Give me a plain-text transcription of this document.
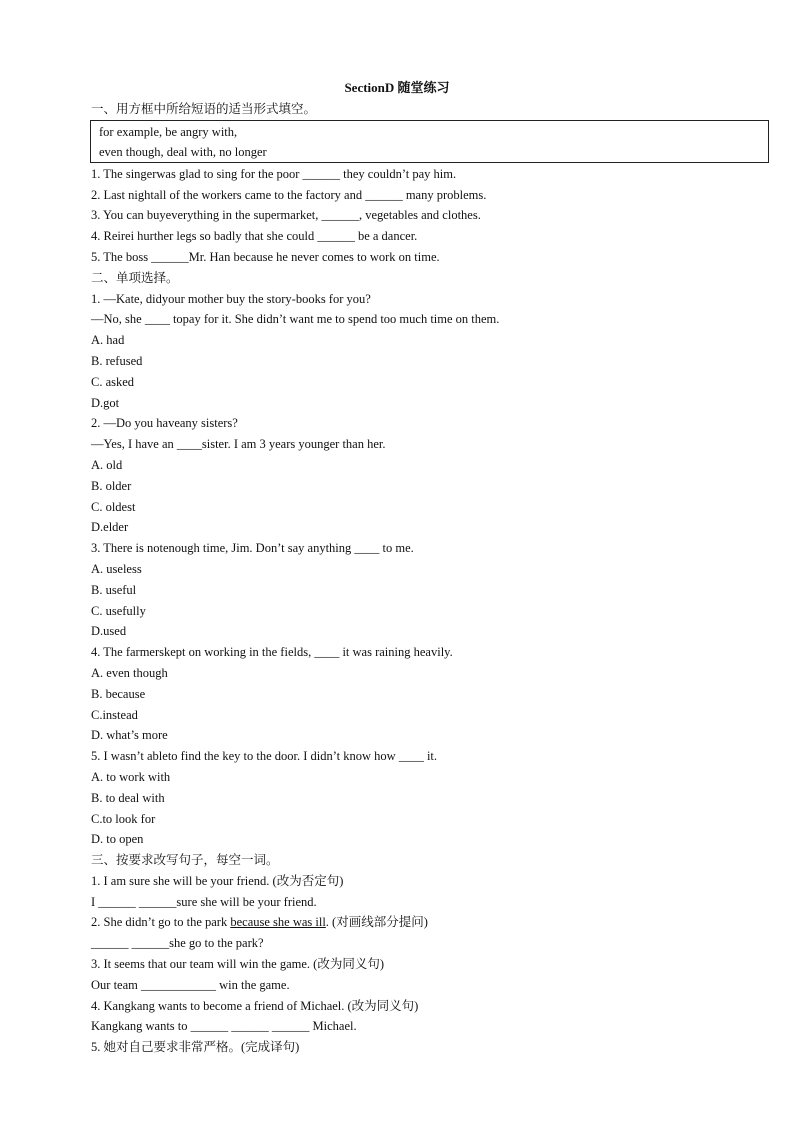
SectionD 随堂练习
一、用方框中所给短语的适当形式填空。
for example, be angry with,
even though, deal with, no longer
1. The singerwas glad to sing for the poor ______ they couldn’t pay him.
2. Last nightall of the workers came to the factory and ______ many problems.
3. You can buyeverything in the supermarket, ______, vegetables and clothes.
4. Reirei hurther legs so badly that she could ______ be a dancer.
5. The boss ______Mr. Han because he never comes to work on time.
二、单项选择。
1. —Kate, didyour mother buy the story-books for you?
—No, she ____ topay for it. She didn’t want me to spend too much time on them.
A. had
B. refused
C. asked
D.got
2. —Do you haveany sisters?
—Yes, I have an ____sister. I am 3 years younger than her.
A. old
B. older
C. oldest
D.elder
3. There is notenough time, Jim. Don’t say anything ____ to me.
A. useless
B. useful
C. usefully
D.used
4. The farmerskept on working in the fields, ____ it was raining heavily.
A. even though
B. because
C.instead
D. what’s more
5. I wasn’t ableto find the key to the door. I didn’t know how ____ it.
A. to work with
B. to deal with
C.to look for
D. to open
三、按要求改写句子，每空一词。
1. I am sure she will be your friend. (改为否定句)
I ______ ______sure she will be your friend.
2. She didn’t go to the park because she was ill. (对画线部分提问)
______ ______she go to the park?
3. It seems that our team will win the game. (改为同义句)
Our team ____________ win the game.
4. Kangkang wants to become a friend of Michael. (改为同义句)
Kangkang wants to ______ ______ ______ Michael.
5. 她对自己要求非常严格。(完成译句)
